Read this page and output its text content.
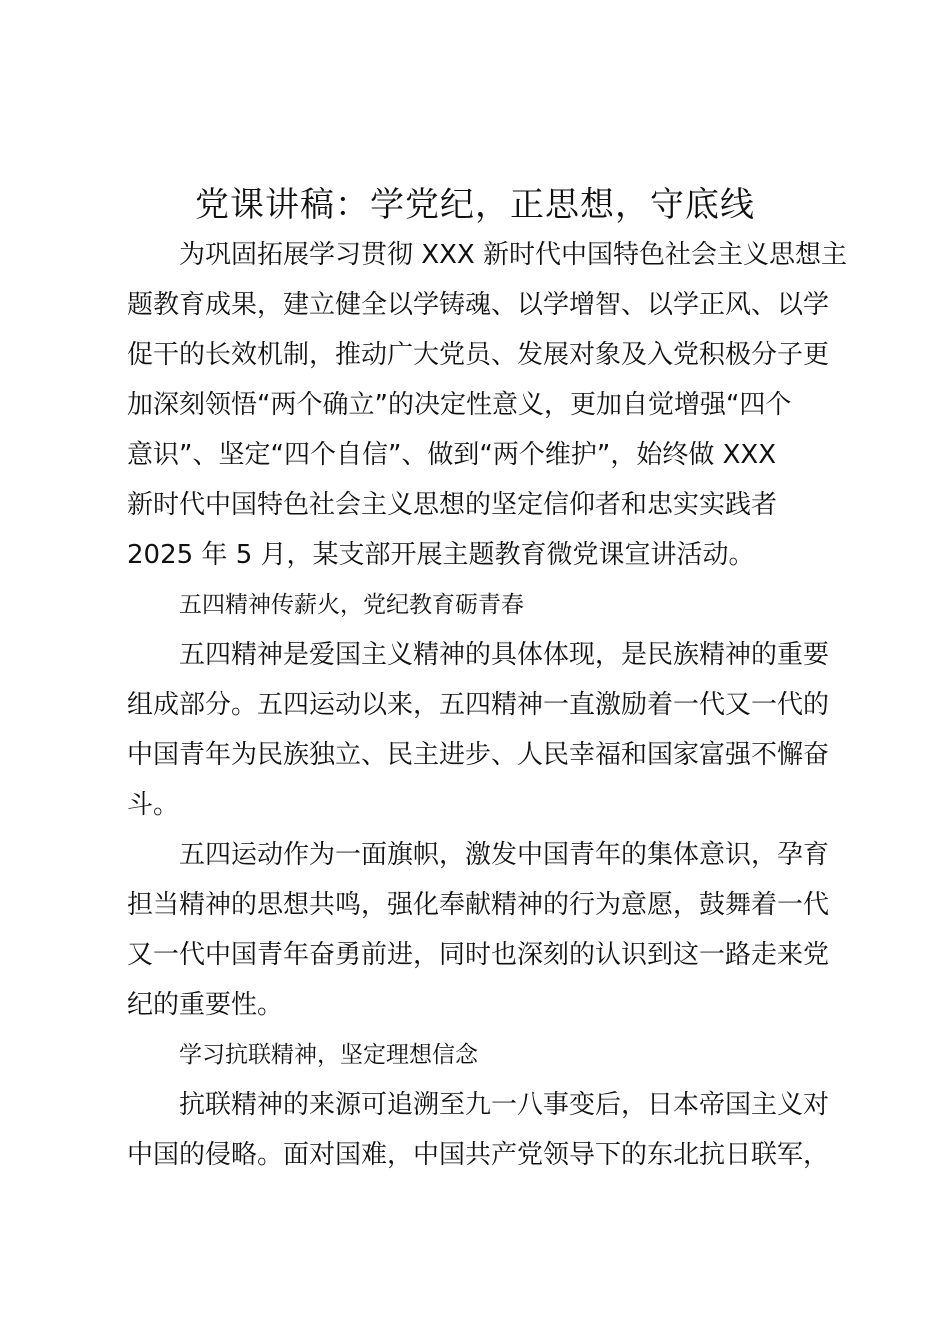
党课讲稿：学党纪，正思想，守底线
为巩固拓展学习贯彻 XXX 新时代中国特色社会主义思想主
题教育成果，建立健全以学铸魂、以学增智、以学正风、以学
促干的长效机制，推动广大党员、发展对象及入党积极分子更
加深刻领悟“两个确立”的决定性意义，更加自觉增强“四个
意识”、坚定“四个自信”、做到“两个维护”，始终做 XXX
新时代中国特色社会主义思想的坚定信仰者和忠实实践者
2025 年 5 月，某支部开展主题教育微党课宣讲活动。
五四精神传薪火，党纪教育砺青春
五四精神是爱国主义精神的具体体现，是民族精神的重要
组成部分。五四运动以来，五四精神一直激励着一代又一代的
中国青年为民族独立、民主进步、人民幸福和国家富强不懈奋
斗。
五四运动作为一面旗帜，激发中国青年的集体意识，孕育
担当精神的思想共鸣，强化奉献精神的行为意愿，鼓舞着一代
又一代中国青年奋勇前进，同时也深刻的认识到这一路走来党
纪的重要性。
学习抗联精神，坚定理想信念
抗联精神的来源可追溯至九一八事变后，日本帝国主义对
中国的侵略。面对国难，中国共产党领导下的东北抗日联军，
